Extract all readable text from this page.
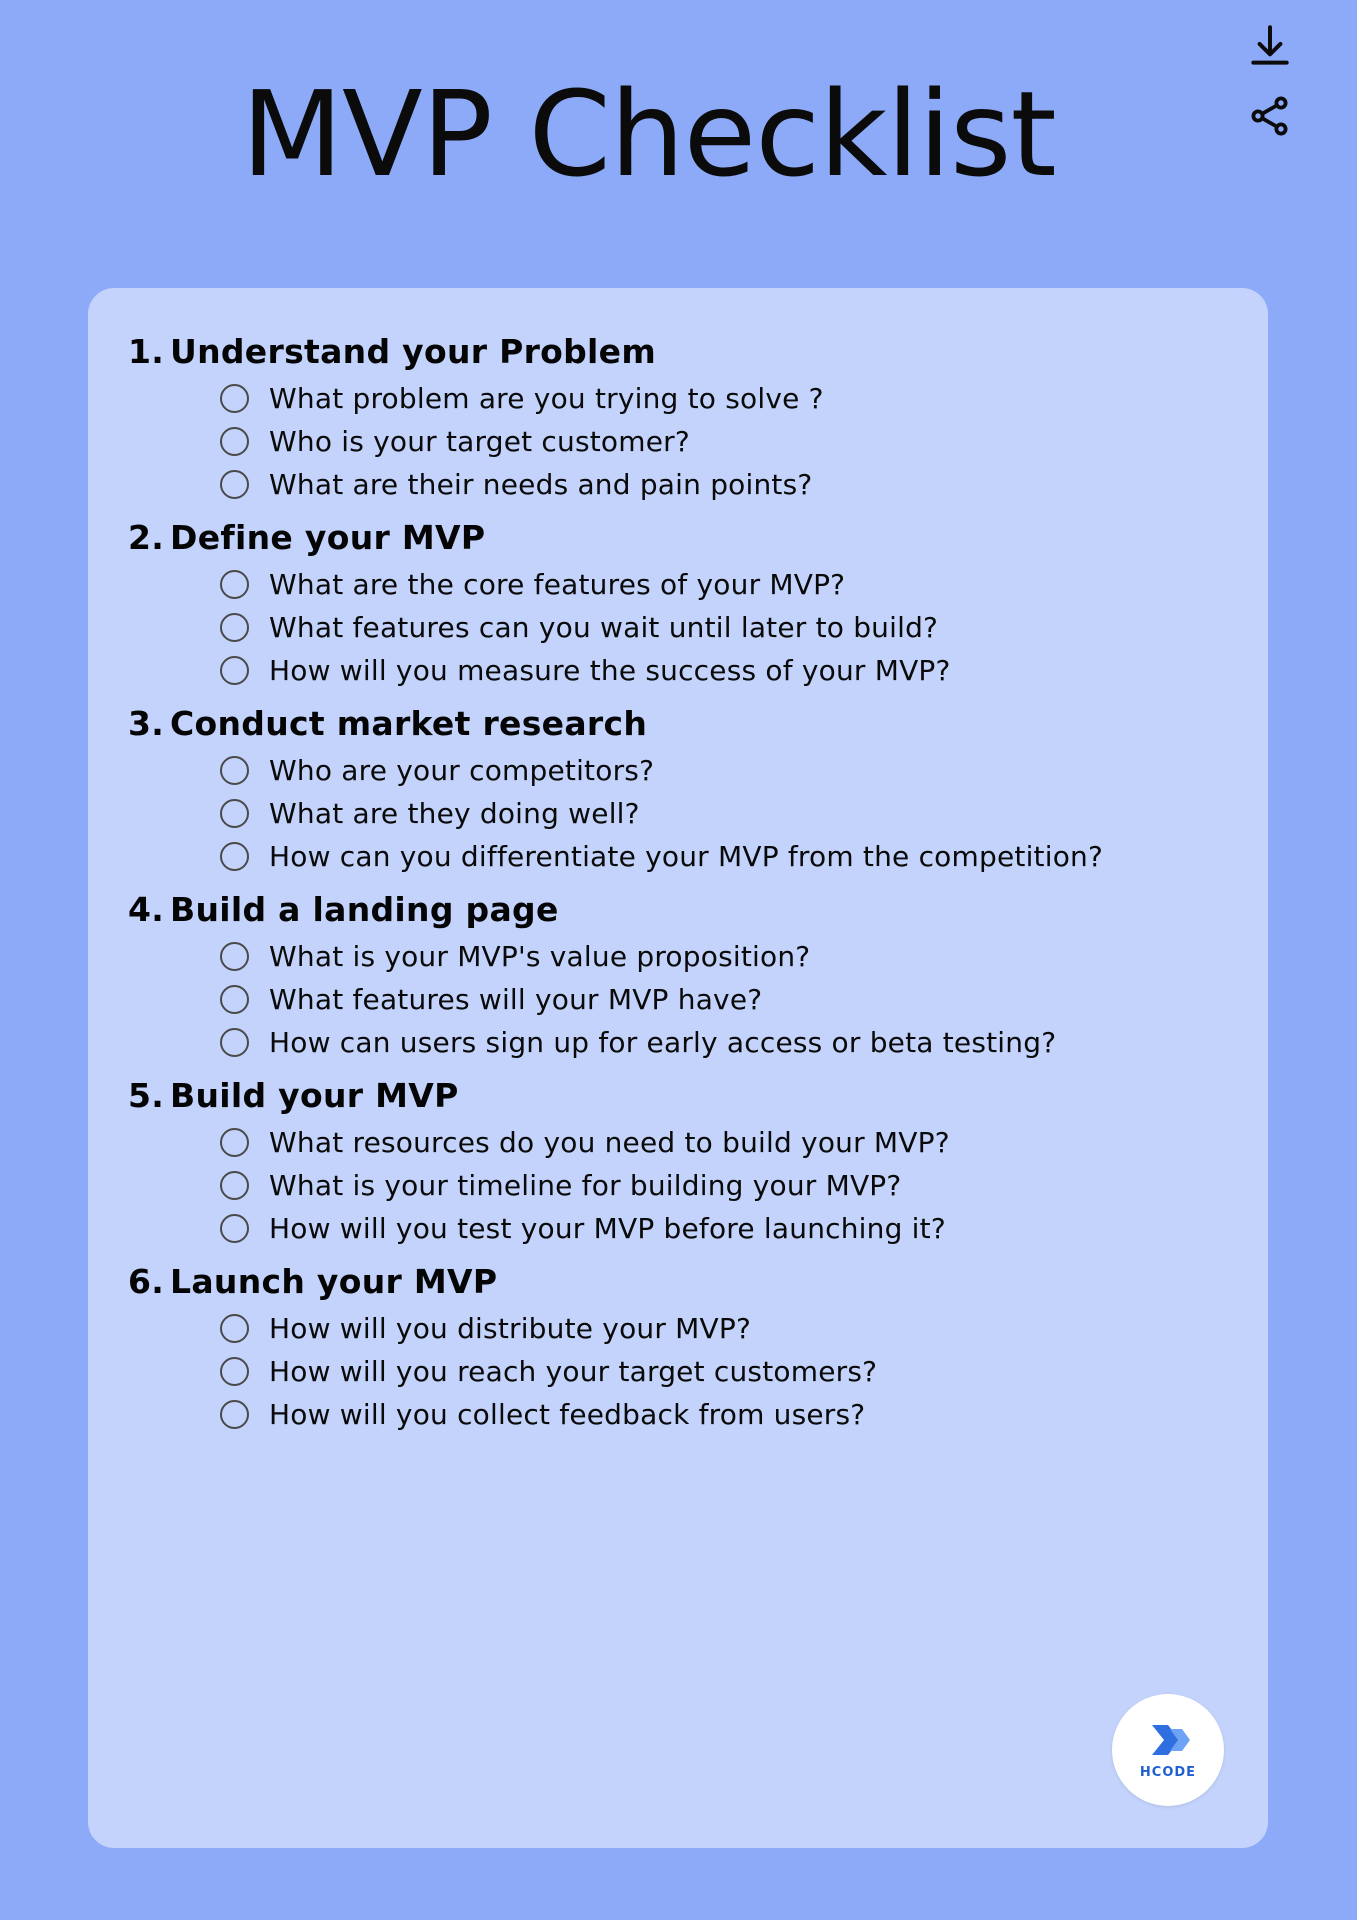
MVP Checklist
1. Understand your Problem
What problem are you trying to solve ?
Who is your target customer?
What are their needs and pain points?
2. Define your MVP
What are the core features of your MVP?
What features can you wait until later to build?
How will you measure the success of your MVP?
3. Conduct market research
Who are your competitors?
What are they doing well?
How can you differentiate your MVP from the competition?
4. Build a landing page
What is your MVP's value proposition?
What features will your MVP have?
How can users sign up for early access or beta testing?
5. Build your MVP
What resources do you need to build your MVP?
What is your timeline for building your MVP?
How will you test your MVP before launching it?
6. Launch your MVP
How will you distribute your MVP?
How will you reach your target customers?
How will you collect feedback from users?
HCODE
